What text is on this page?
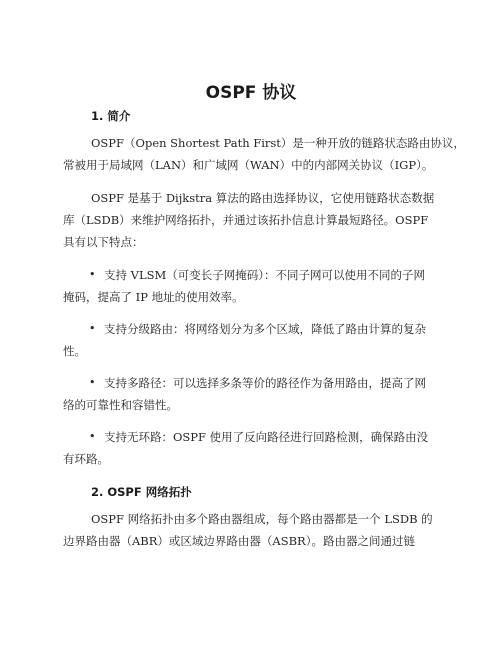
OSPF 协议
1. 简介
OSPF（Open Shortest Path First）是一种开放的链路状态路由协议，
常被用于局域网（LAN）和广域网（WAN）中的内部网关协议（IGP）。
OSPF 是基于 Dijkstra 算法的路由选择协议，它使用链路状态数据
库（LSDB）来维护网络拓扑，并通过该拓扑信息计算最短路径。OSPF
具有以下特点：
• 支持 VLSM（可变长子网掩码）：不同子网可以使用不同的子网
掩码，提高了 IP 地址的使用效率。
• 支持分级路由：将网络划分为多个区域，降低了路由计算的复杂
性。
• 支持多路径：可以选择多条等价的路径作为备用路由，提高了网
络的可靠性和容错性。
• 支持无环路：OSPF 使用了反向路径进行回路检测，确保路由没
有环路。
2. OSPF 网络拓扑
OSPF 网络拓扑由多个路由器组成，每个路由器都是一个 LSDB 的
边界路由器（ABR）或区域边界路由器（ASBR）。路由器之间通过链
